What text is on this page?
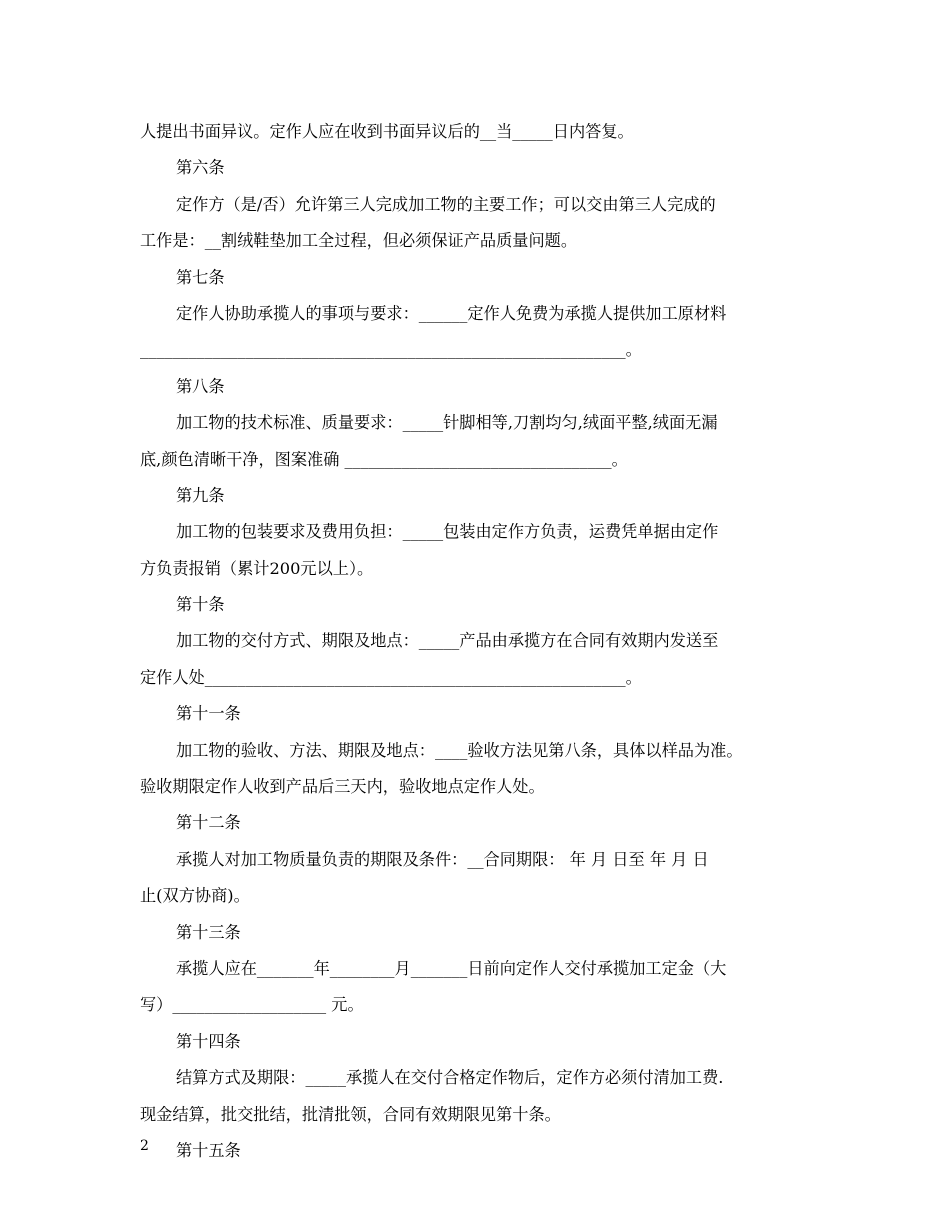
人提出书面异议。定作人应在收到书面异议后的__当_____日内答复。
第六条
定作方（是/否）允许第三人完成加工物的主要工作；可以交由第三人完成的
工作是：__割绒鞋垫加工全过程，但必须保证产品质量问题。
第七条
定作人协助承揽人的事项与要求：______定作人免费为承揽人提供加工原材料
____________________________________________________________。
第八条
加工物的技术标准、质量要求：_____针脚相等,刀割均匀,绒面平整,绒面无漏
底,颜色清晰干净，图案准确 _________________________________。
第九条
加工物的包装要求及费用负担：_____包装由定作方负责，运费凭单据由定作
方负责报销（累计200元以上）。
第十条
加工物的交付方式、期限及地点：_____产品由承揽方在合同有效期内发送至
定作人处____________________________________________________。
第十一条
加工物的验收、方法、期限及地点：____验收方法见第八条，具体以样品为准。
验收期限定作人收到产品后三天内，验收地点定作人处。
第十二条
承揽人对加工物质量负责的期限及条件：__合同期限： 年 月 日至 年 月 日
止(双方协商)。
第十三条
承揽人应在_______年________月_______日前向定作人交付承揽加工定金（大
写）___________________ 元。
第十四条
结算方式及期限：_____承揽人在交付合格定作物后，定作方必须付清加工费.
现金结算，批交批结，批清批领，合同有效期限见第十条。
第十五条
2
